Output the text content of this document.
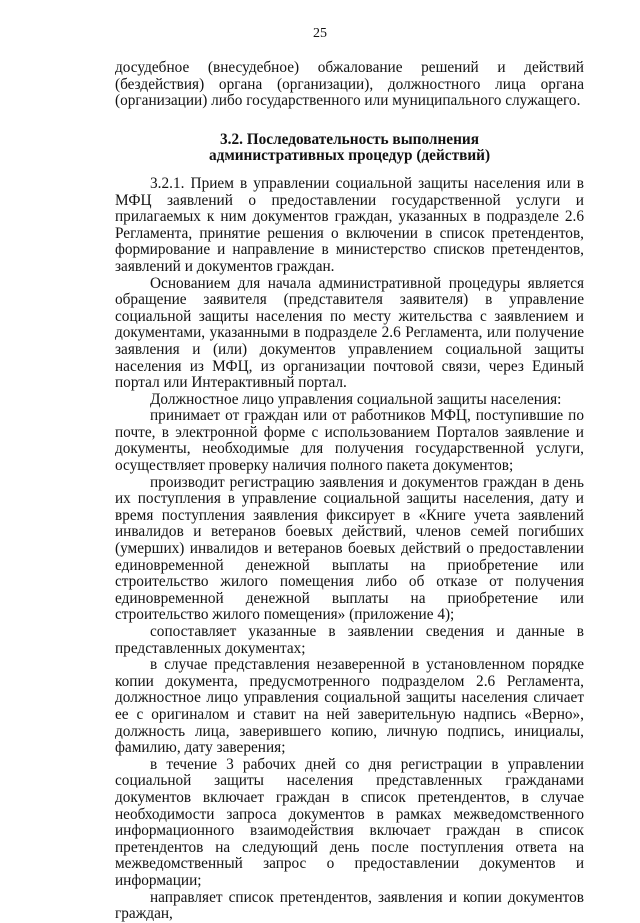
25

досудебное (внесудебное) обжалование решений и действий (бездействия) органа (организации), должностного лица органа (организации) либо государственного или муниципального служащего.

3.2. Последовательность выполнения

административных процедур (действий)

3.2.1. Прием в управлении социальной защиты населения или в МФЦ заявлений о предоставлении государственной услуги и прилагаемых к ним документов граждан, указанных в подразделе 2.6 Регламента, принятие решения о включении в список претендентов, формирование и направление в министерство списков претендентов, заявлений и документов граждан.

Основанием для начала административной процедуры является обращение заявителя (представителя заявителя) в управление социальной защиты населения по месту жительства с заявлением и документами, указанными в подразделе 2.6 Регламента, или получение заявления и (или) документов управлением социальной защиты населения из МФЦ, из организации почтовой связи, через Единый портал или Интерактивный портал.

Должностное лицо управления социальной защиты населения:

принимает от граждан или от работников МФЦ, поступившие по почте, в электронной форме с использованием Порталов заявление и документы, необходимые для получения государственной услуги, осуществляет проверку наличия полного пакета документов;

производит регистрацию заявления и документов граждан в день их поступления в управление социальной защиты населения, дату и время поступления заявления фиксирует в «Книге учета заявлений инвалидов и ветеранов боевых действий, членов семей погибших (умерших) инвалидов и ветеранов боевых действий о предоставлении единовременной денежной выплаты на приобретение или строительство жилого помещения либо об отказе от получения единовременной денежной выплаты на приобретение или строительство жилого помещения» (приложение 4);

сопоставляет указанные в заявлении сведения и данные в представленных документах;

в случае представления незаверенной в установленном порядке копии документа, предусмотренного подразделом 2.6 Регламента, должностное лицо управления социальной защиты населения сличает ее с оригиналом и ставит на ней заверительную надпись «Верно», должность лица, заверившего копию, личную подпись, инициалы, фамилию, дату заверения;

в течение 3 рабочих дней со дня регистрации в управлении социальной защиты населения представленных гражданами документов включает граждан в список претендентов, в случае необходимости запроса документов в рамках межведомственного информационного взаимодействия включает граждан в список претендентов на следующий день после поступления ответа на межведомственный запрос о предоставлении документов и информации;

направляет список претендентов, заявления и копии документов граждан,
